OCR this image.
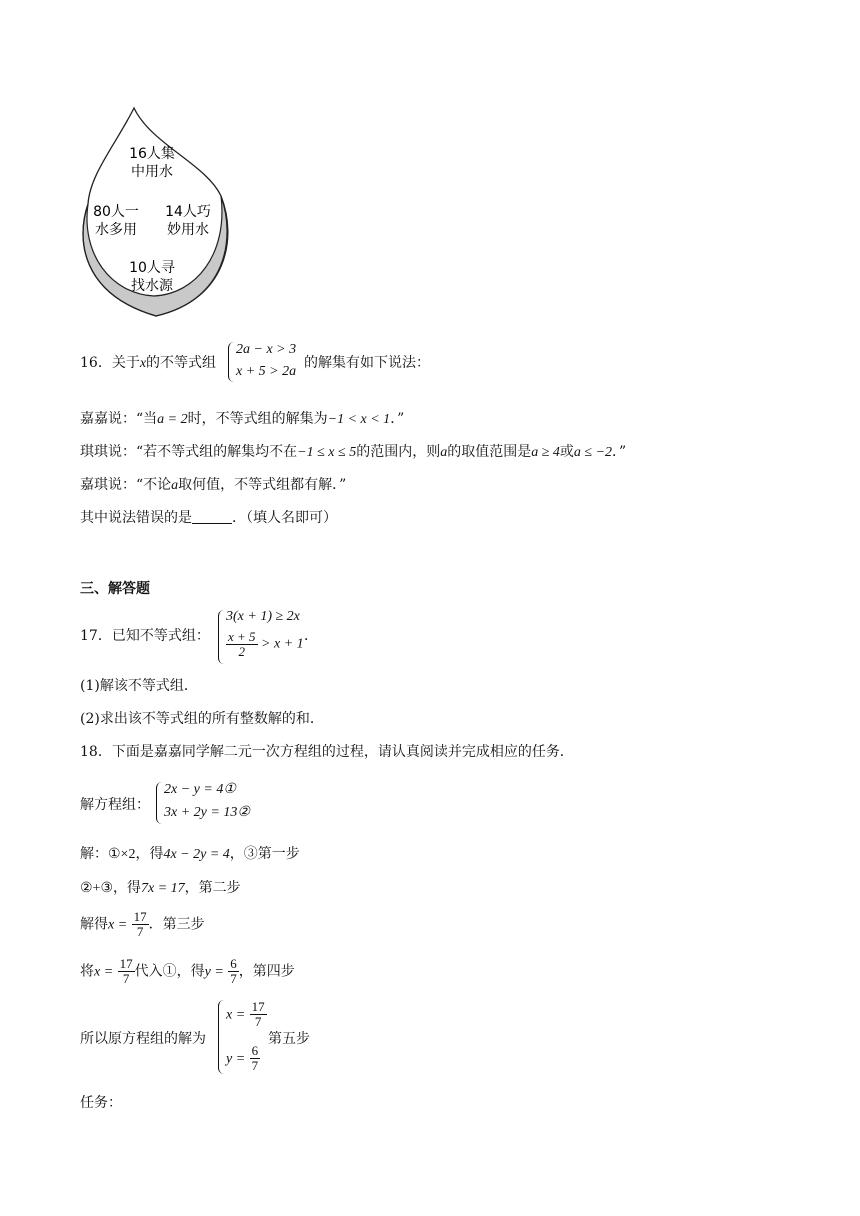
16人集
中用水
80人一
水多用
14人巧
妙用水
10人寻
找水源
16．关于x的不等式组	的解集有如下说法：
2a − x > 3
x + 5 > 2a
嘉嘉说：“当a = 2时，不等式组的解集为−1 < x < 1．”
琪琪说：“若不等式组的解集均不在−1 ≤ x ≤ 5的范围内，则a的取值范围是a ≥ 4或a ≤ −2．”
嘉琪说：“不论a取何值，不等式组都有解．”
其中说法错误的是	．（填人名即可）
三、解答题
17．已知不等式组：
3(x + 1) ≥ 2x
$\frac{x + 5}{2} > x + 1$
．
(1)解该不等式组．
(2)求出该不等式组的所有整数解的和．
18．下面是嘉嘉同学解二元一次方程组的过程，请认真阅读并完成相应的任务．
解方程组：
2x − y = 4①
3x + 2y = 13②
解：①×2，得4x − 2y = 4，③第一步
②+③，得7x = 17，第二步
解得$x = \frac{17}{7}$ ．第三步
将$x = \frac{17}{7}$ 代入①，得$y = \frac{6}{7}$ ，第四步
所以原方程组的解为
$x = \frac{17}{7}$
$y = \frac{6}{7}$
第五步
任务：
